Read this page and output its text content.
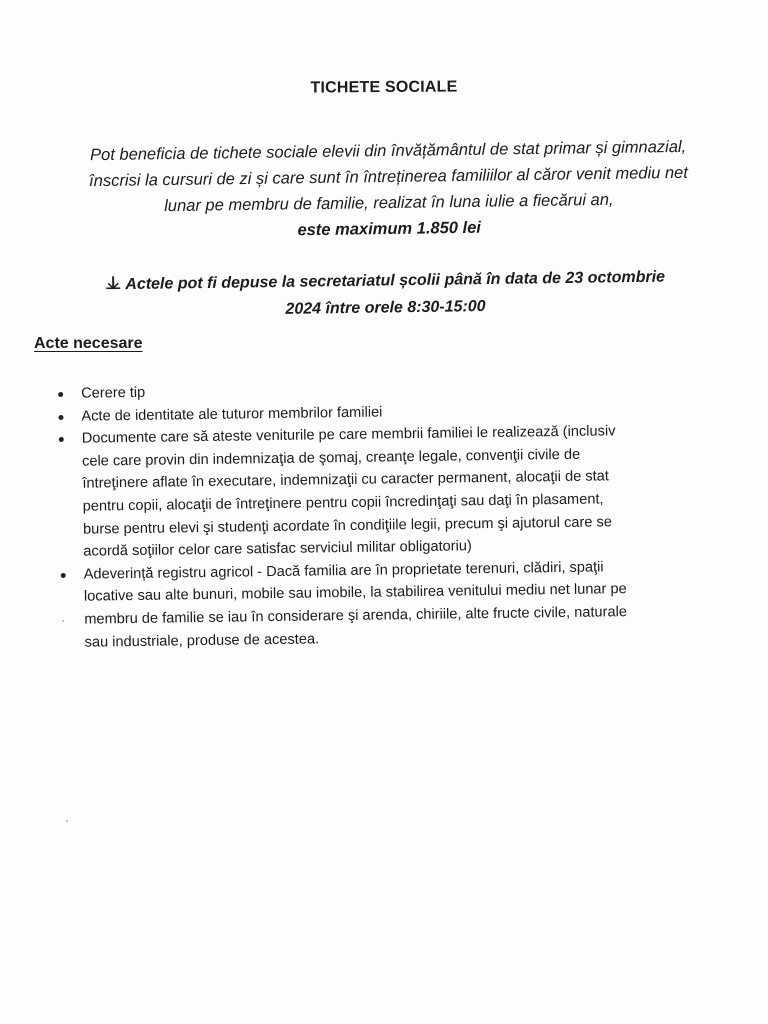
TICHETE SOCIALE
Pot beneficia de tichete sociale elevii din învățământul de stat primar și gimnazial,
înscrisi la cursuri de zi și care sunt în întreținerea familiilor al căror venit mediu net
lunar pe membru de familie, realizat în luna iulie a fiecărui an,
este maximum 1.850 lei
Actele pot fi depuse la secretariatul școlii până în data de 23 octombrie
2024 între orele 8:30-15:00
Acte necesare
Cerere tip
Acte de identitate ale tuturor membrilor familiei
Documente care să ateste veniturile pe care membrii familiei le realizează (inclusiv
cele care provin din indemnizaţia de şomaj, creanţe legale, convenţii civile de
întreţinere aflate în executare, indemnizaţii cu caracter permanent, alocaţii de stat
pentru copii, alocaţii de întreţinere pentru copii încredinţaţi sau daţi în plasament,
burse pentru elevi şi studenţi acordate în condiţiile legii, precum şi ajutorul care se
acordă soţiilor celor care satisfac serviciul militar obligatoriu)
Adeverință registru agricol - Dacă familia are în proprietate terenuri, clădiri, spaţii
locative sau alte bunuri, mobile sau imobile, la stabilirea venitului mediu net lunar pe
membru de familie se iau în considerare şi arenda, chiriile, alte fructe civile, naturale
sau industriale, produse de acestea.
